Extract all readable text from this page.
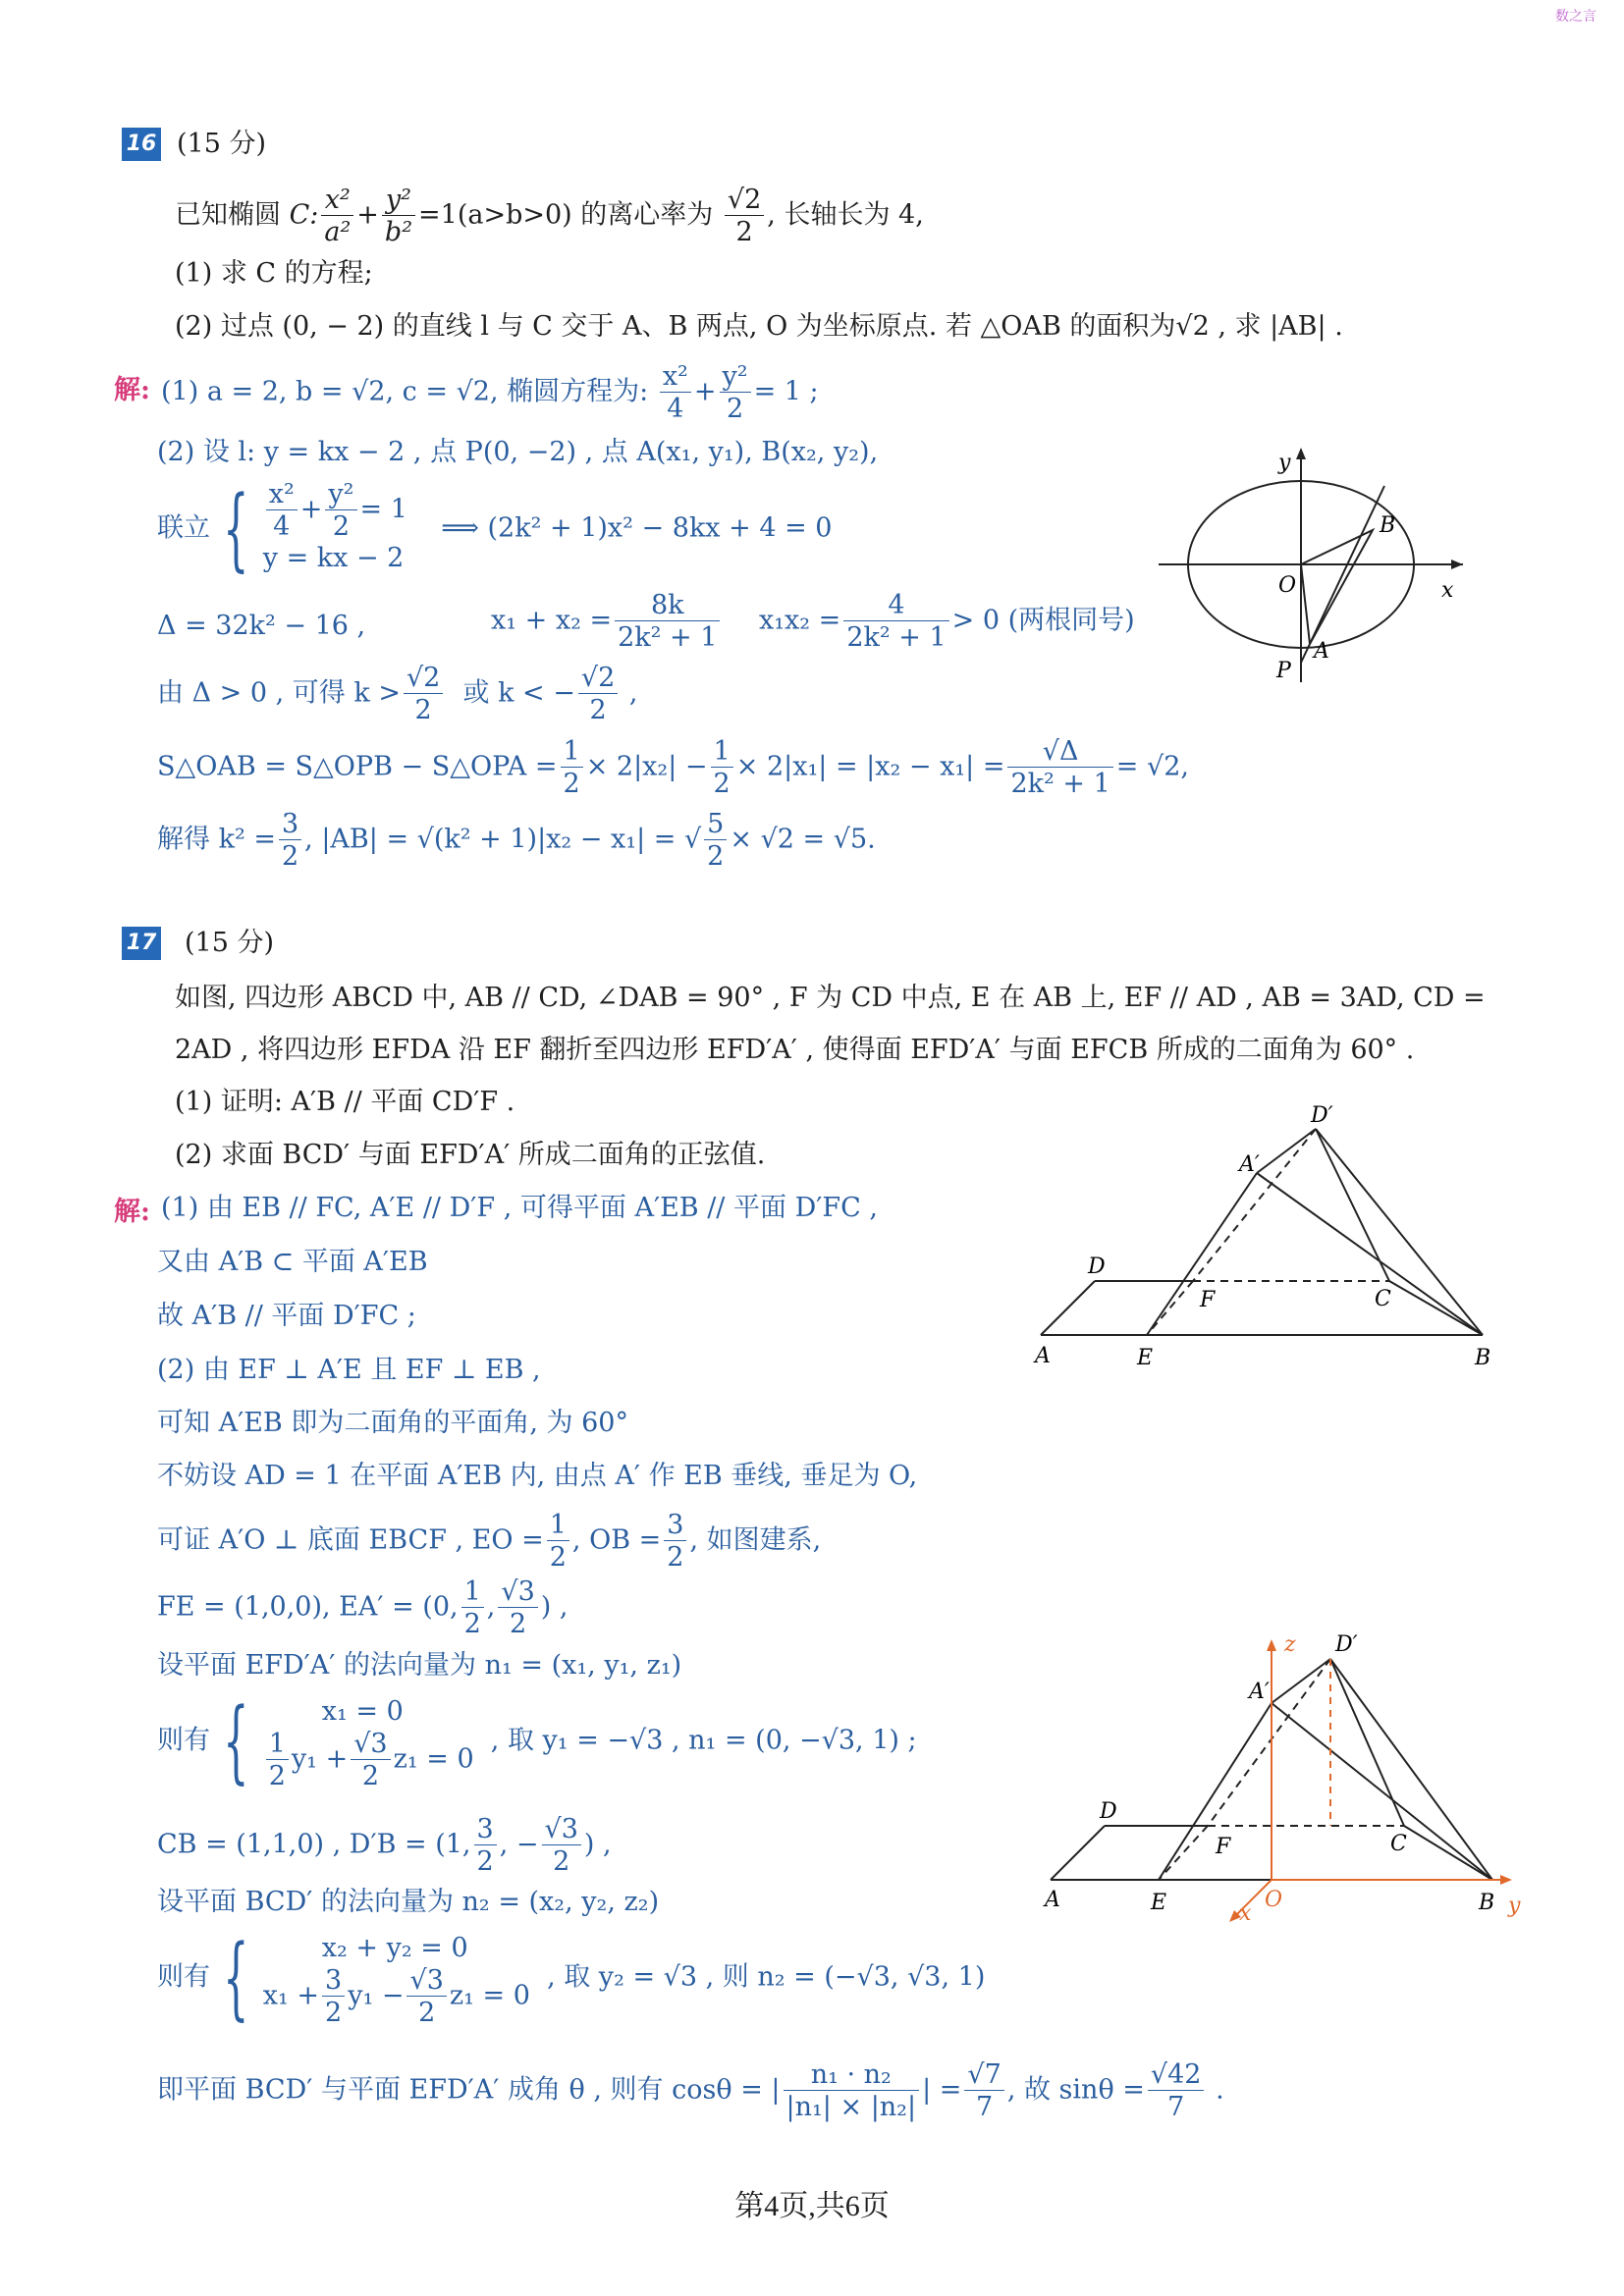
数之言
16 (15 分)
已知椭圆 C: $\frac{\text{x²}}{\text{a²}} + \frac{\text{y²}}{\text{b²}} =1(a>b>0)$ 的离心率为 $\frac{√2}{2}$ , 长轴长为 4,
(1) 求 C 的方程;
(2) 过点 (0, − 2) 的直线 l 与 C 交于 A、B 两点, O 为坐标原点. 若 △OAB 的面积为√2 , 求 |AB| .
解: (1) a = 2, b = √2, c = √2, 椭圆方程为: $\frac{\text{x²}}{4} + \frac{\text{y²}}{2} = 1$ ;
(2) 设 l: y = kx − 2 , 点 P(0, −2) , 点 A(x₁, y₁), B(x₂, y₂),
联立 { $\frac{\text{x²}}{4} + \frac{\text{y²}}{2} = 1$
y = kx − 2
⟹ (2k² + 1)x² − 8kx + 4 = 0
Δ = 32k² − 16 ,	$x_1 + x_2 = \frac{8k}{\text{2k² + 1}} x_1x_2 = \frac{4}{\text{2k² + 1}} > 0$ (两根同号)
由 Δ > 0 , 可得 $k > \frac{√2}{2}$ 或 k < − $\frac{√2}{2}$ ,
S△OAB = S△OPB − S△OPA = $\frac{1}{2} \times 2|x_2| - \frac{1}{2} \times 2|x_1| = |x_2 - x_1| = \frac{√\Delta}{\text{2k² + 1}} = √2$,
解得 $k^2 = \frac{3}{2}$ , |AB| = √(k² + 1)|x₂ − x₁| = √ $\frac{5}{2} \times √2 = √5$.
y
x
O
B
A
P
17 (15 分)
如图, 四边形 ABCD 中, AB // CD, ∠DAB = 90° , F 为 CD 中点, E 在 AB 上, EF // AD , AB = 3AD, CD =
2AD , 将四边形 EFDA 沿 EF 翻折至四边形 EFD′A′ , 使得面 EFD′A′ 与面 EFCB 所成的二面角为 60° .
(1) 证明: A′B // 平面 CD′F .
(2) 求面 BCD′ 与面 EFD′A′ 所成二面角的正弦值.
解: (1) 由 EB // FC, A′E // D′F , 可得平面 A′EB // 平面 D′FC ,
又由 A′B ⊂ 平面 A′EB
故 A′B // 平面 D′FC ;
(2) 由 EF ⊥ A′E 且 EF ⊥ EB ,
可知 A′EB 即为二面角的平面角, 为 60°
不妨设 AD = 1 在平面 A′EB 内, 由点 A′ 作 EB 垂线, 垂足为 O,
可证 A′O ⊥ 底面 EBCF , EO = $\frac{1}{2}$ , OB = $\frac{3}{2}$ , 如图建系,
FE = (1,0,0), EA′ = (0, $\frac{1}{2}$ , $\frac{√3}{2}$ ) ,
设平面 EFD′A′ 的法向量为 n₁ = (x₁, y₁, z₁)
则有 {	x₁ = 0
$\frac{1}{2} y_1 + \frac{√3}{2} z_1 = 0$
, 取 y₁ = −√3 , n₁ = (0, −√3, 1) ;
CB = (1,1,0) , D′B = (1, $\frac{3}{2}$ , − $\frac{√3}{2}$ ) ,
设平面 BCD′ 的法向量为 n₂ = (x₂, y₂, z₂)
则有 {	x₂ + y₂ = 0
$x_1 + \frac{3}{2} y_1 - \frac{√3}{2} z_1 = 0$
, 取 y₂ = √3 , 则 n₂ = (−√3, √3, 1)
即平面 BCD′ 与平面 EFD′A′ 成角 θ , 则有 cosθ = | $\frac{\text{n₁ · n₂}}{\text{|n₁| × |n₂|}}$ | = $\frac{√7}{7}$ , 故 $\sin\theta = \frac{√42}{7}$ .
D′
A′
D
F	C
A	E	B
z D′
A′
D
F	C
A	E	O	B y
x
第4页,共6页
